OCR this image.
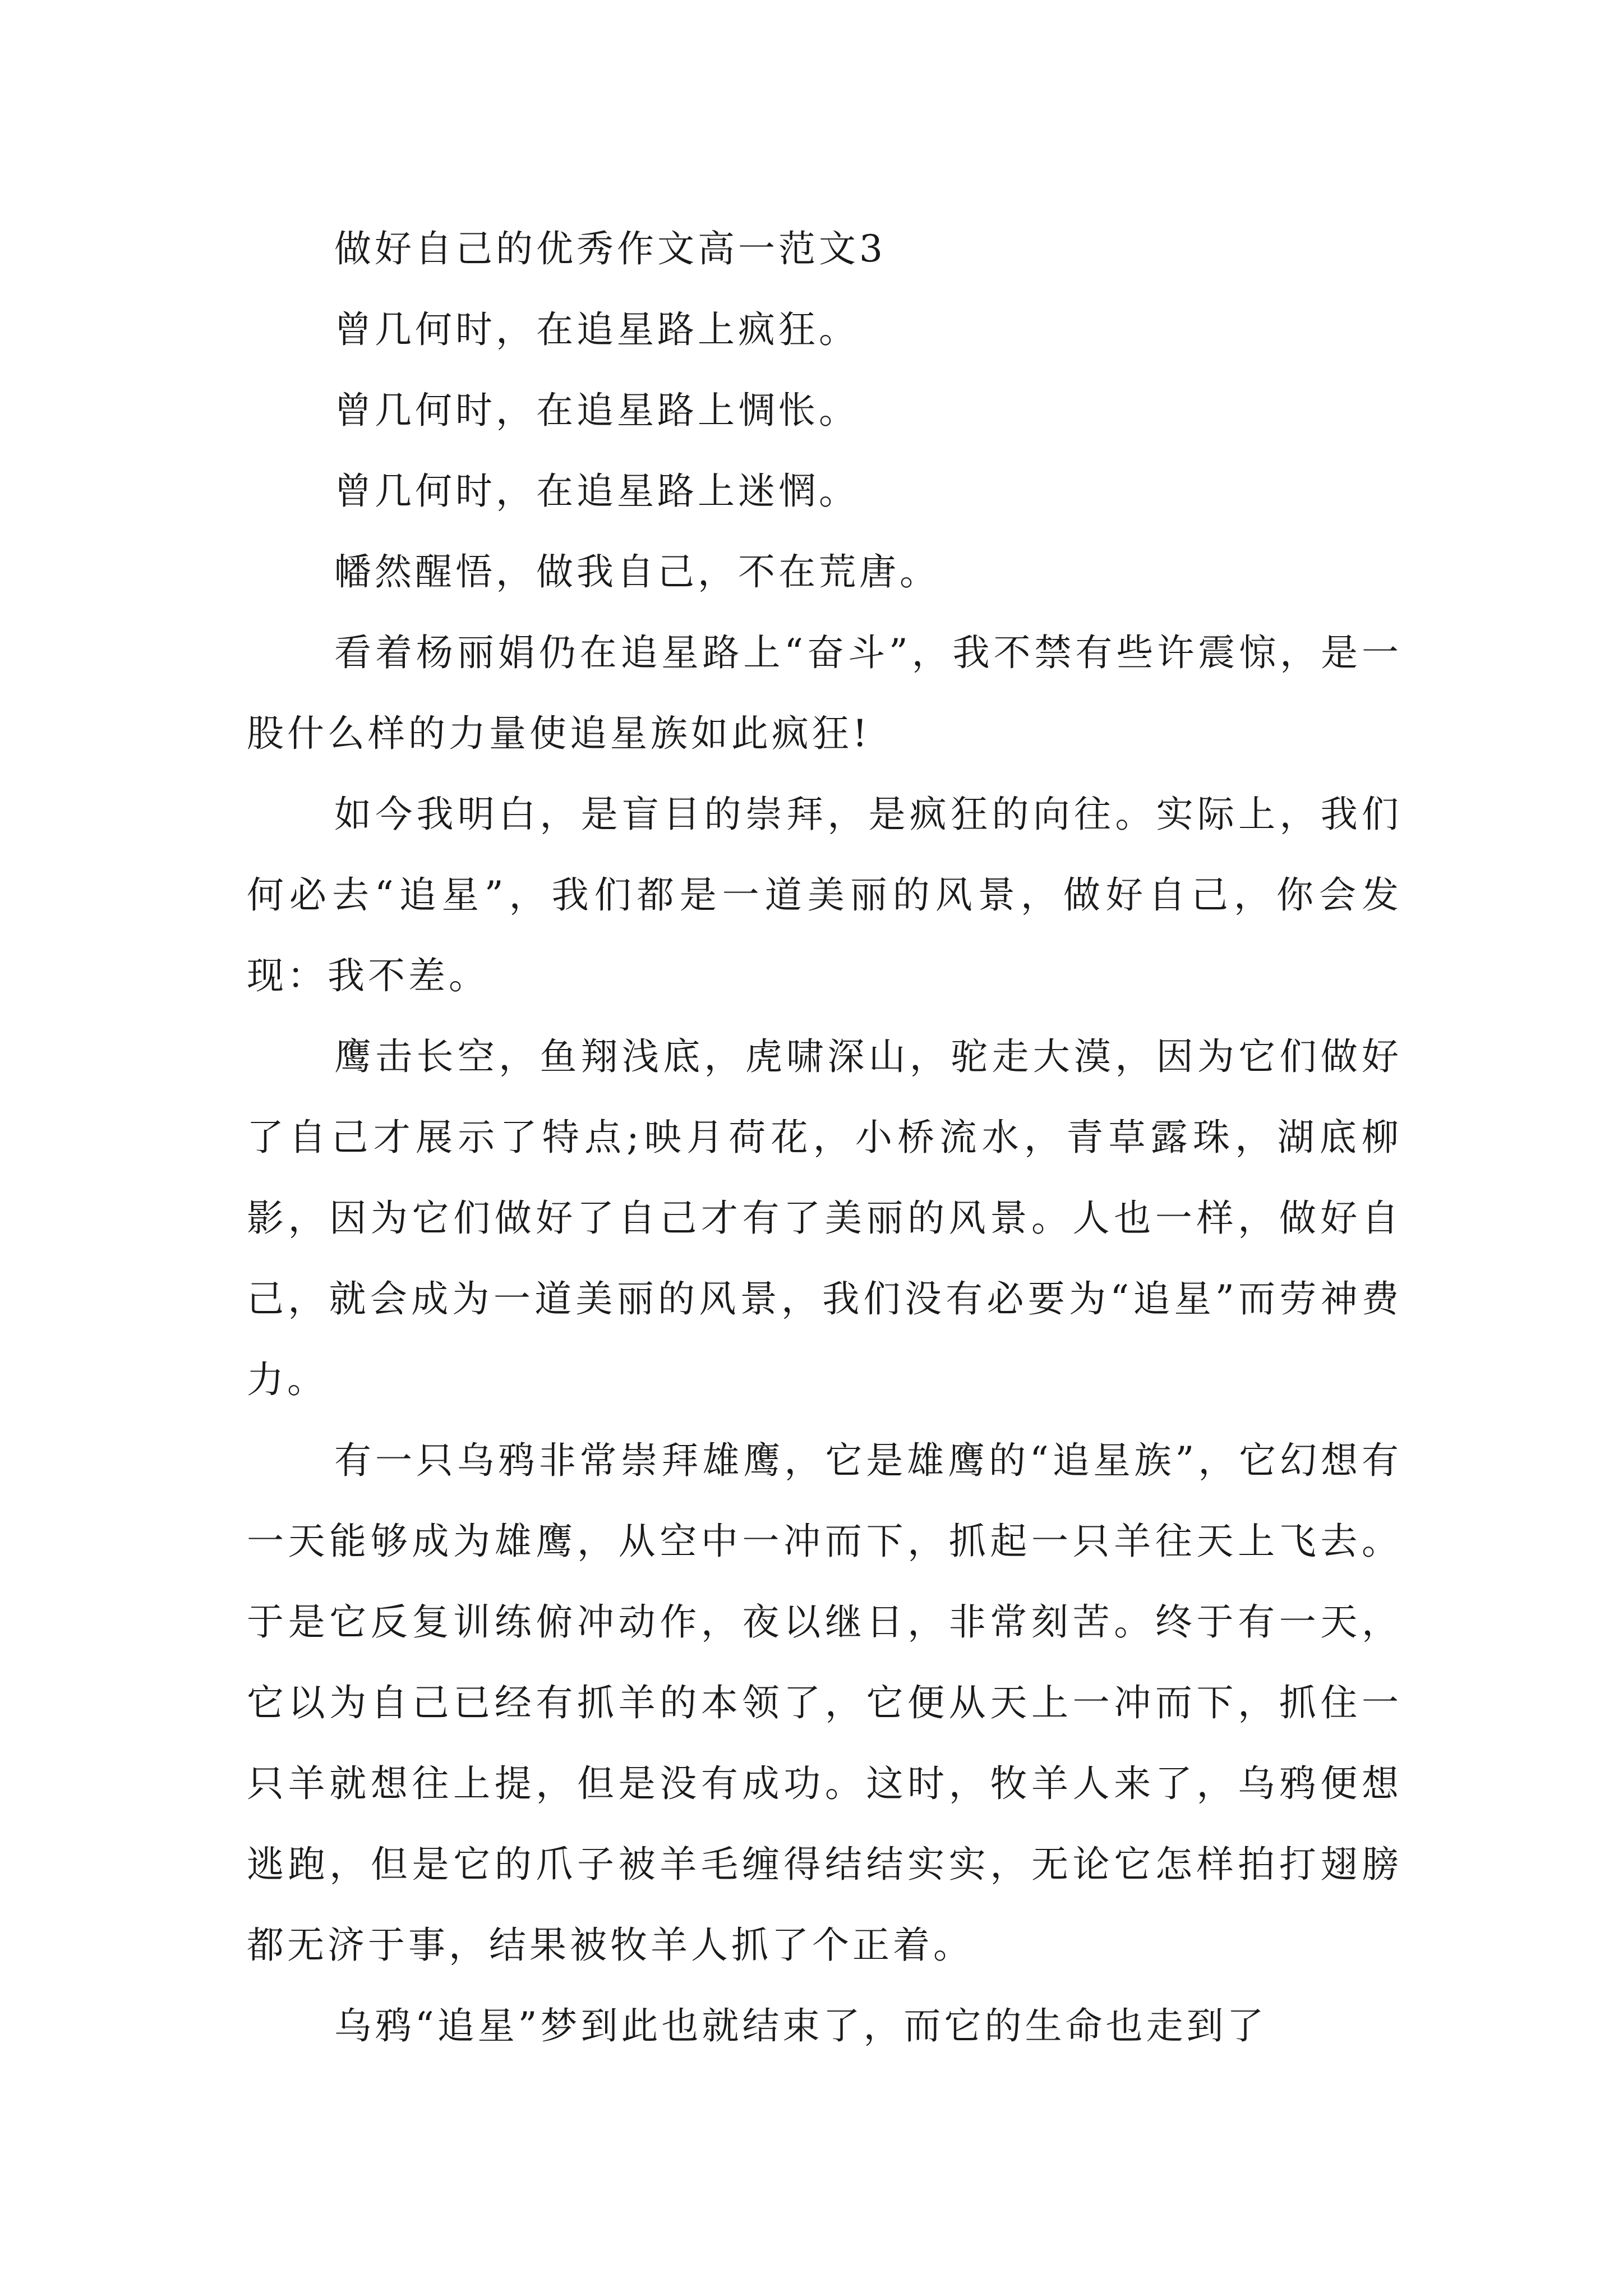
做好自己的优秀作文高一范文3

曾几何时，在追星路上疯狂。

曾几何时，在追星路上惆怅。

曾几何时，在追星路上迷惘。

幡然醒悟，做我自己，不在荒唐。

看着杨丽娟仍在追星路上“奋斗”，我不禁有些许震惊，是一股什么样的力量使追星族如此疯狂!

如今我明白，是盲目的崇拜，是疯狂的向往。实际上，我们何必去“追星”，我们都是一道美丽的风景，做好自己，你会发现：我不差。

鹰击长空，鱼翔浅底，虎啸深山，驼走大漠，因为它们做好了自己才展示了特点;映月荷花，小桥流水，青草露珠，湖底柳影，因为它们做好了自己才有了美丽的风景。人也一样，做好自己，就会成为一道美丽的风景，我们没有必要为“追星”而劳神费力。

有一只乌鸦非常崇拜雄鹰，它是雄鹰的“追星族”，它幻想有一天能够成为雄鹰，从空中一冲而下，抓起一只羊往天上飞去。于是它反复训练俯冲动作，夜以继日，非常刻苦。终于有一天，它以为自己已经有抓羊的本领了，它便从天上一冲而下，抓住一只羊就想往上提，但是没有成功。这时，牧羊人来了，乌鸦便想逃跑，但是它的爪子被羊毛缠得结结实实，无论它怎样拍打翅膀都无济于事，结果被牧羊人抓了个正着。

乌鸦“追星”梦到此也就结束了，而它的生命也走到了
